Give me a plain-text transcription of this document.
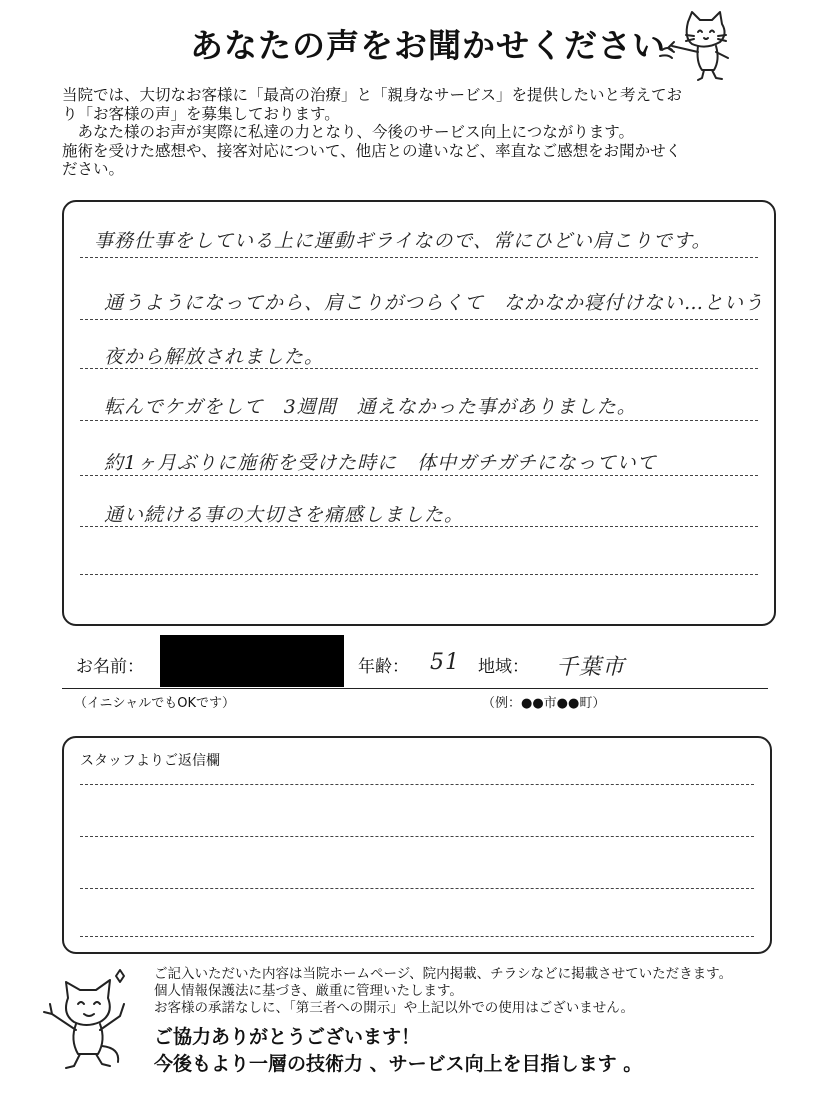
あなたの声をお聞かせください

当院では、大切なお客様に「最高の治療」と「親身なサービス」を提供したいと考えてお

り「お客様の声」を募集しております。

　あなた様のお声が実際に私達の力となり、今後のサービス向上につながります。

施術を受けた感想や、接客対応について、他店との違いなど、率直なご感想をお聞かせく

ださい。

事務仕事をしている上に運動ギライなので、常にひどい肩こりです。
通うようになってから、肩こりがつらくて　なかなか寝付けない…という
夜から解放されました。
転んでケガをして　3週間　通えなかった事がありました。
約1ヶ月ぶりに施術を受けた時に　体中ガチガチになっていて
通い続ける事の大切さを痛感しました。
お名前：	年齢： 51 地域： 千葉市
（イニシャルでもOKです）	（例：●●市●●町）
スタッフよりご返信欄

ご記入いただいた内容は当院ホームページ、院内掲載、チラシなどに掲載させていただきます。

個人情報保護法に基づき、厳重に管理いたします。

お客様の承諾なしに、「第三者への開示」や上記以外での使用はございません。

ご協力ありがとうございます！

今後もより一層の技術力 、サービス向上を目指します 。
